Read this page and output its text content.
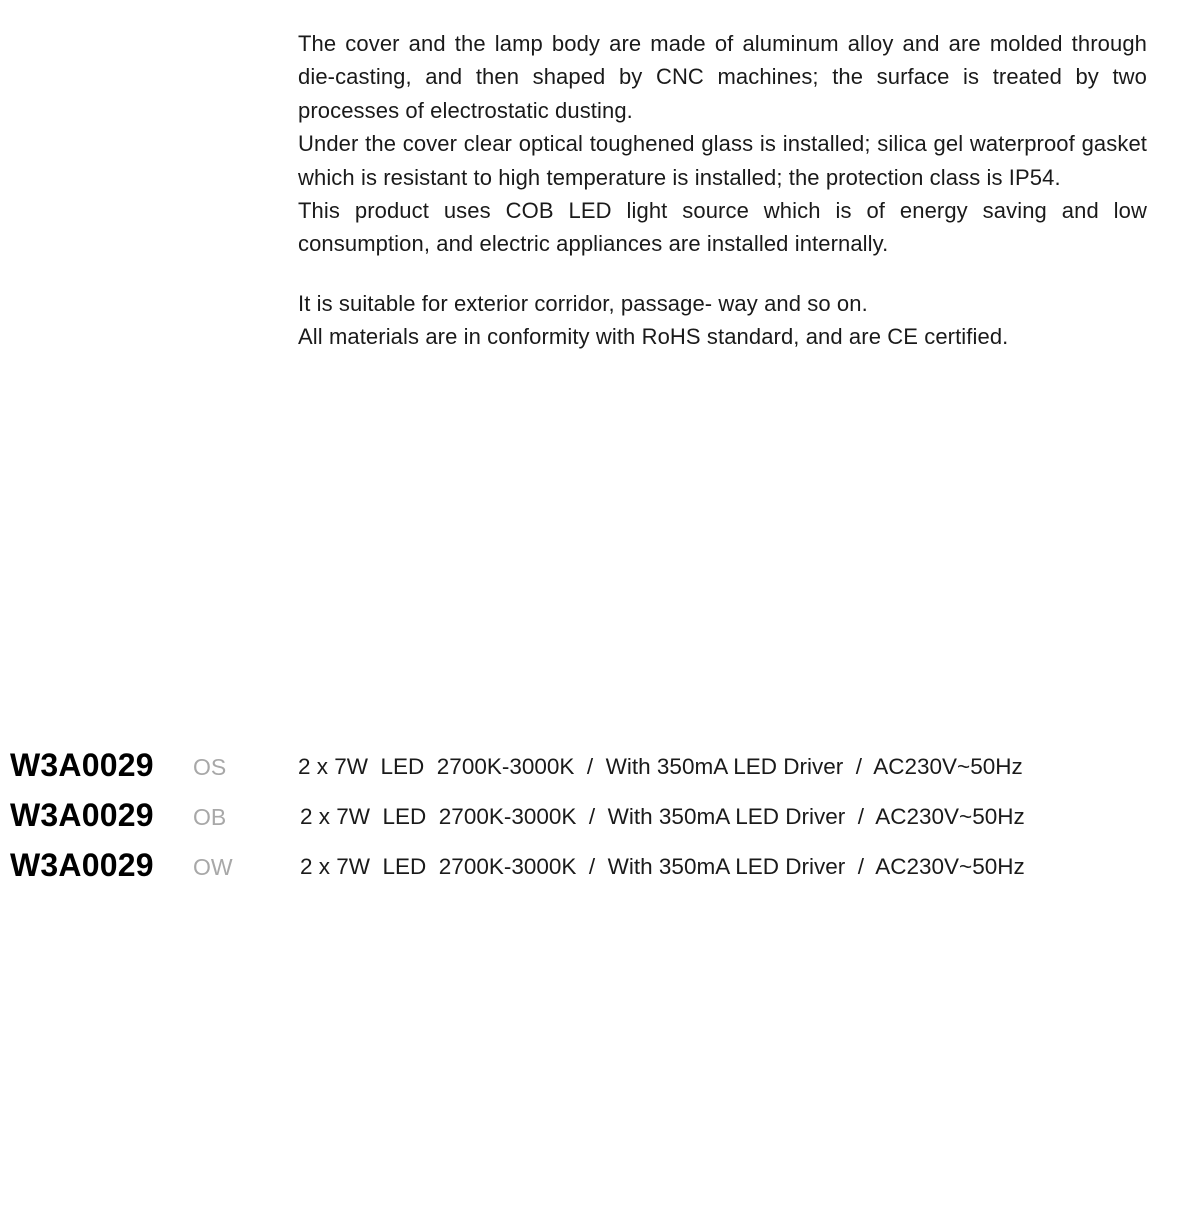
The cover and the lamp body are made of aluminum alloy and are molded through die-casting, and then shaped by CNC machines; the surface is treated by two processes of electrostatic dusting.

Under the cover clear optical toughened glass is installed; silica gel waterproof gasket which is resistant to high temperature is installed; the protection class is IP54.

This product uses COB LED light source which is of energy saving and low consumption, and electric appliances are installed internally.

It is suitable for exterior corridor, passage- way and so on.

All materials are in conformity with RoHS standard, and are CE certified.

W3A0029 OS	2 x 7W  LED  2700K-3000K  /  With 350mA LED Driver  /  AC230V~50Hz
W3A0029 OB	2 x 7W  LED  2700K-3000K  /  With 350mA LED Driver  /  AC230V~50Hz
W3A0029 OW	2 x 7W  LED  2700K-3000K  /  With 350mA LED Driver  /  AC230V~50Hz
